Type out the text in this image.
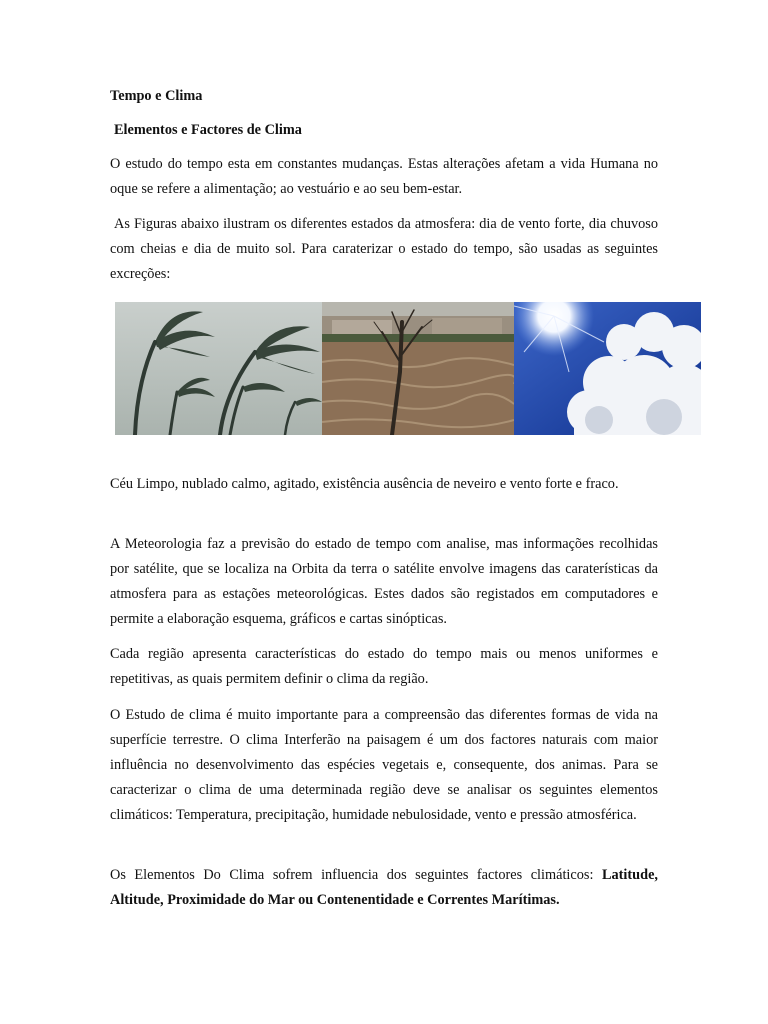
Tempo e Clima

Elementos e Factores de Clima

O estudo do tempo esta em constantes mudanças. Estas alterações afetam a vida Humana no oque se refere a alimentação; ao vestuário e ao seu bem-estar.

As Figuras abaixo ilustram os diferentes estados da atmosfera: dia de vento forte, dia chuvoso com cheias e dia de muito sol. Para caraterizar o estado do tempo, são usadas as seguintes excreções:

Céu Limpo, nublado calmo, agitado, existência ausência de neveiro e vento forte e fraco.

A Meteorologia faz a previsão do estado de tempo com analise, mas informações recolhidas por satélite, que se localiza na Orbita da terra o satélite envolve imagens das caraterísticas da atmosfera para as estações meteorológicas. Estes dados são registados em computadores e permite a elaboração esquema, gráficos e cartas sinópticas.

Cada região apresenta características do estado do tempo mais ou menos uniformes e repetitivas, as quais permitem definir o clima da região.

O Estudo de clima é muito importante para a compreensão das diferentes formas de vida na superfície terrestre. O clima Interferão na paisagem é um dos factores naturais com maior influência no desenvolvimento das espécies vegetais e, consequente, dos animas. Para se caracterizar o clima de uma determinada região deve se analisar os seguintes elementos climáticos: Temperatura, precipitação, humidade nebulosidade, vento e pressão atmosférica.

Os Elementos Do Clima sofrem influencia dos seguintes factores climáticos: Latitude, Altitude, Proximidade do Mar ou Contenentidade e Correntes Marítimas.
